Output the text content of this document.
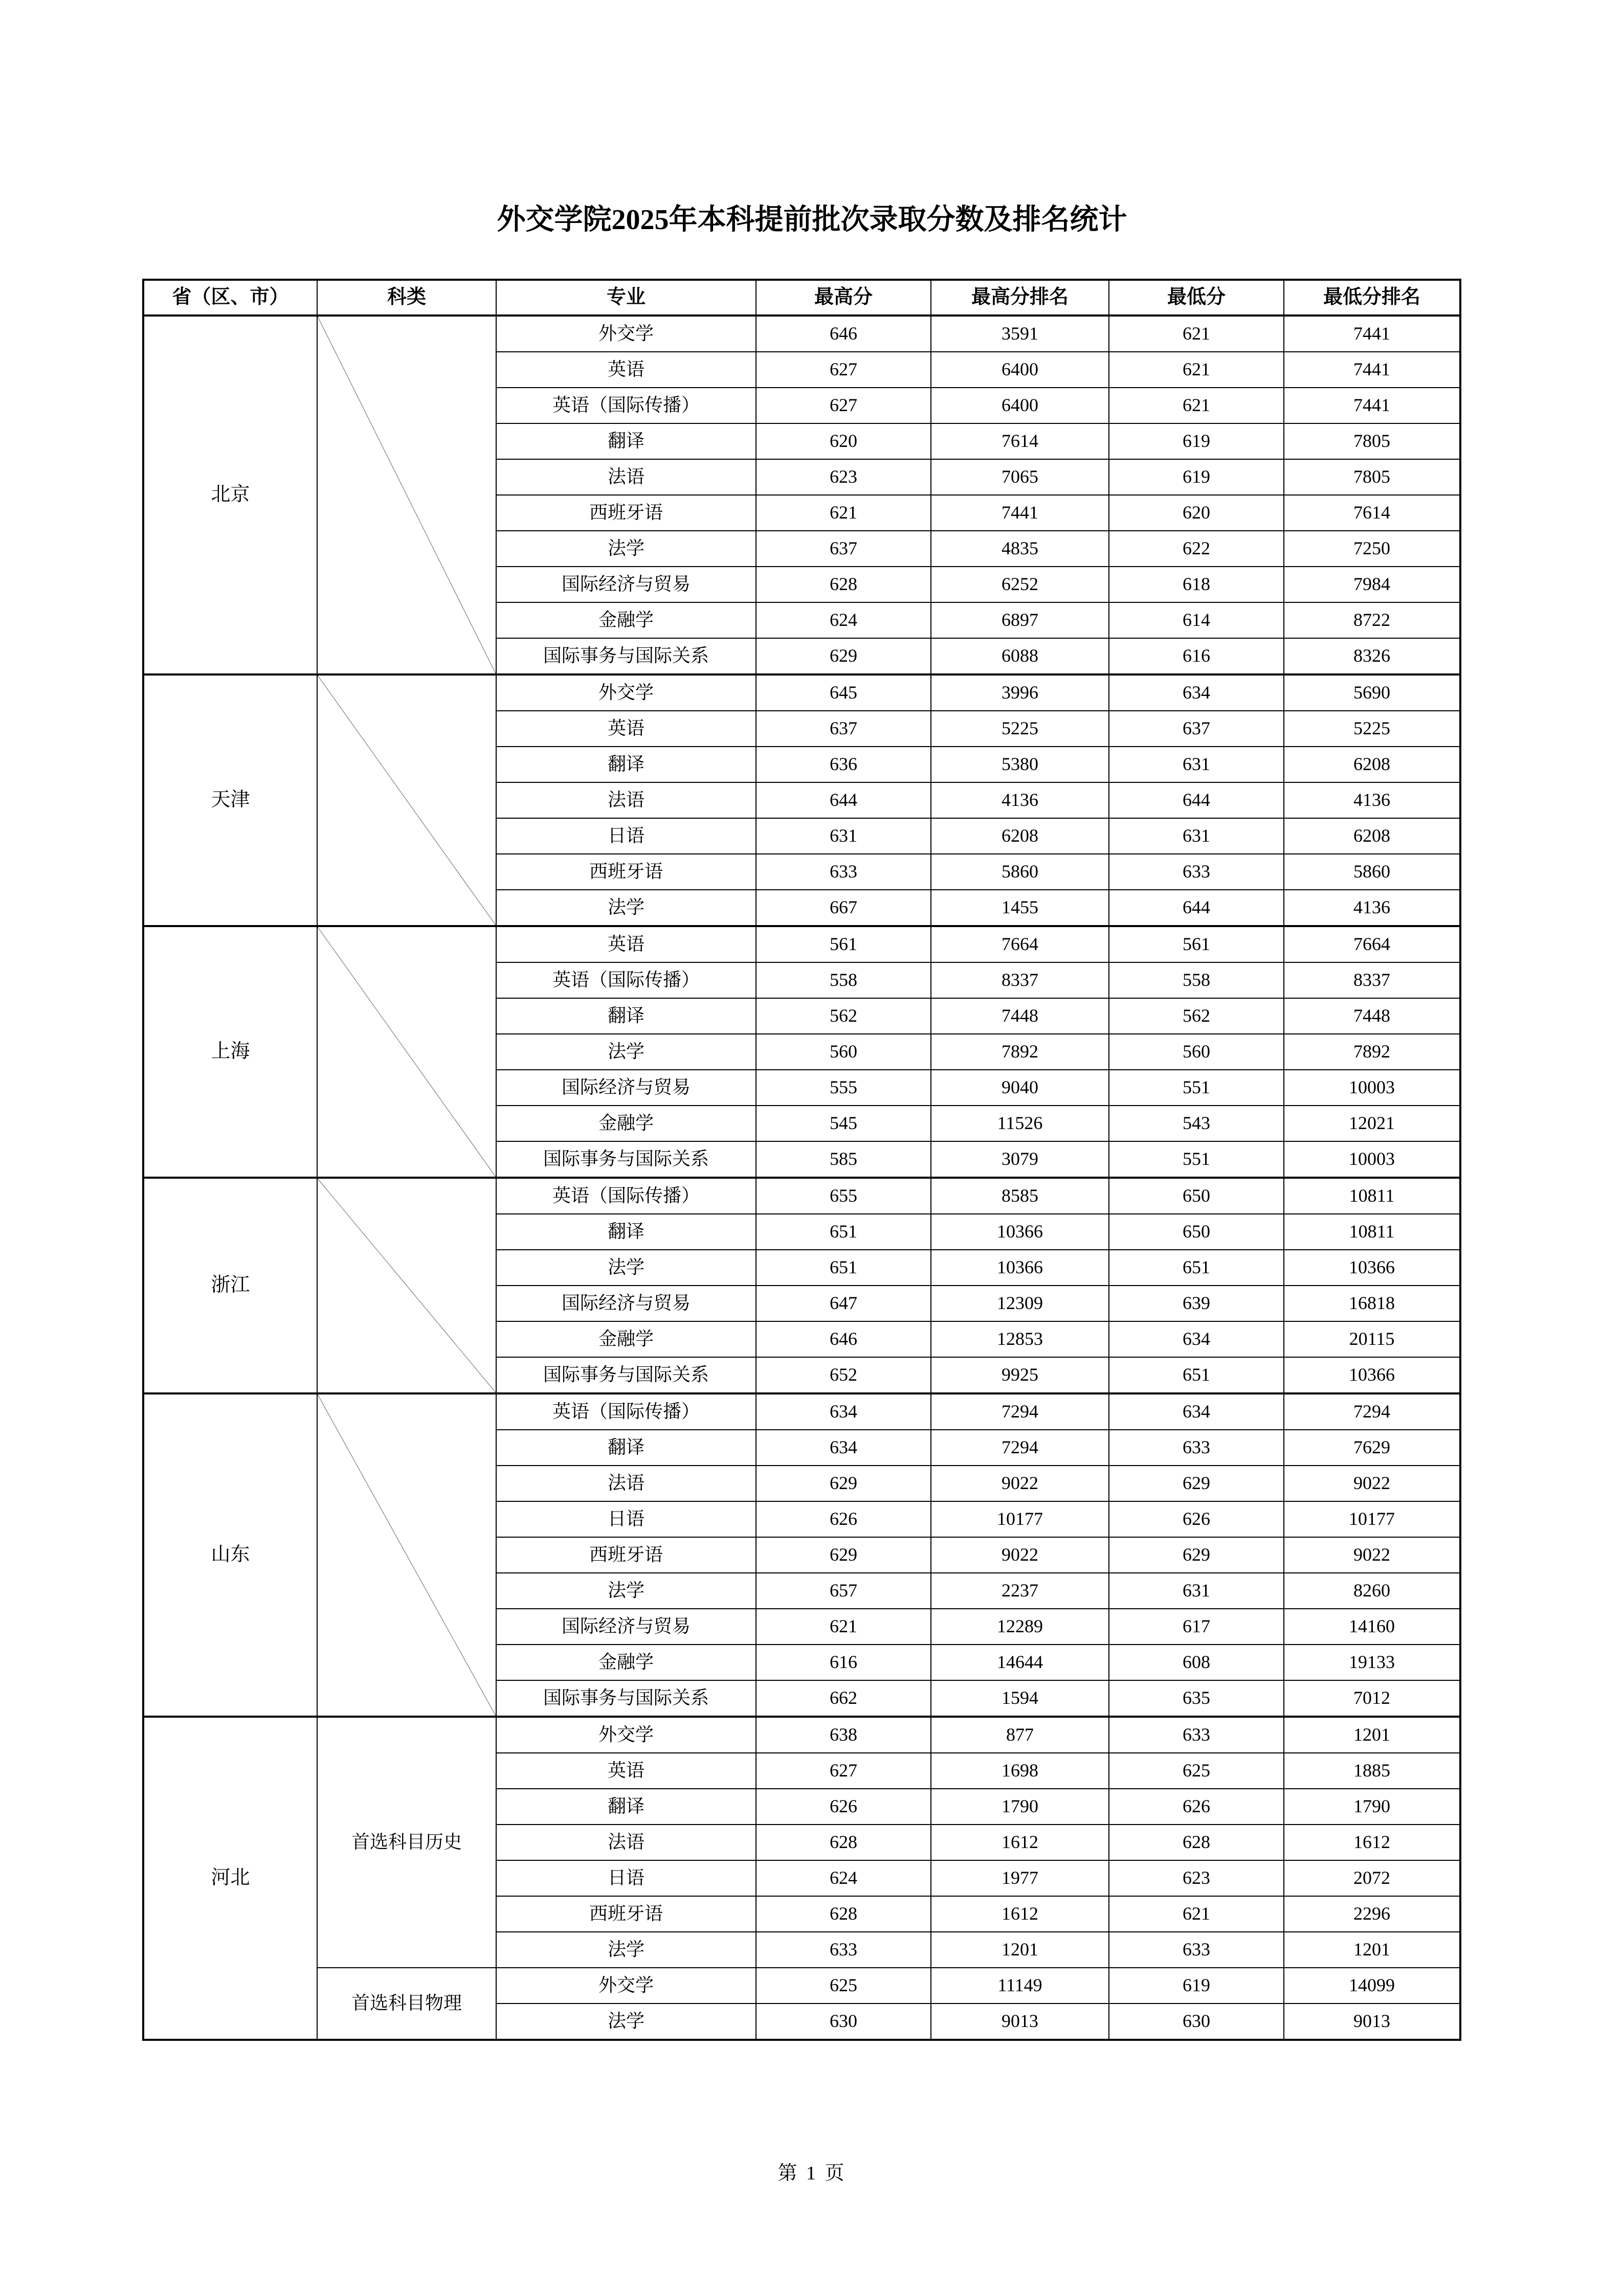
外交学院2025年本科提前批次录取分数及排名统计
省（区、市）	科类	专业	最高分	最高分排名	最低分	最低分排名
北京		外交学	646	3591	621	7441
		英语	627	6400	621	7441
		英语（国际传播）	627	6400	621	7441
		翻译	620	7614	619	7805
		法语	623	7065	619	7805
		西班牙语	621	7441	620	7614
		法学	637	4835	622	7250
		国际经济与贸易	628	6252	618	7984
		金融学	624	6897	614	8722
		国际事务与国际关系	629	6088	616	8326
天津		外交学	645	3996	634	5690
		英语	637	5225	637	5225
		翻译	636	5380	631	6208
		法语	644	4136	644	4136
		日语	631	6208	631	6208
		西班牙语	633	5860	633	5860
		法学	667	1455	644	4136
上海		英语	561	7664	561	7664
		英语（国际传播）	558	8337	558	8337
		翻译	562	7448	562	7448
		法学	560	7892	560	7892
		国际经济与贸易	555	9040	551	10003
		金融学	545	11526	543	12021
		国际事务与国际关系	585	3079	551	10003
浙江		英语（国际传播）	655	8585	650	10811
		翻译	651	10366	650	10811
		法学	651	10366	651	10366
		国际经济与贸易	647	12309	639	16818
		金融学	646	12853	634	20115
		国际事务与国际关系	652	9925	651	10366
山东		英语（国际传播）	634	7294	634	7294
		翻译	634	7294	633	7629
		法语	629	9022	629	9022
		日语	626	10177	626	10177
		西班牙语	629	9022	629	9022
		法学	657	2237	631	8260
		国际经济与贸易	621	12289	617	14160
		金融学	616	14644	608	19133
		国际事务与国际关系	662	1594	635	7012
河北	首选科目历史	外交学	638	877	633	1201
		英语	627	1698	625	1885
		翻译	626	1790	626	1790
		法语	628	1612	628	1612
		日语	624	1977	623	2072
		西班牙语	628	1612	621	2296
		法学	633	1201	633	1201
	首选科目物理	外交学	625	11149	619	14099
		法学	630	9013	630	9013
第 1 页
